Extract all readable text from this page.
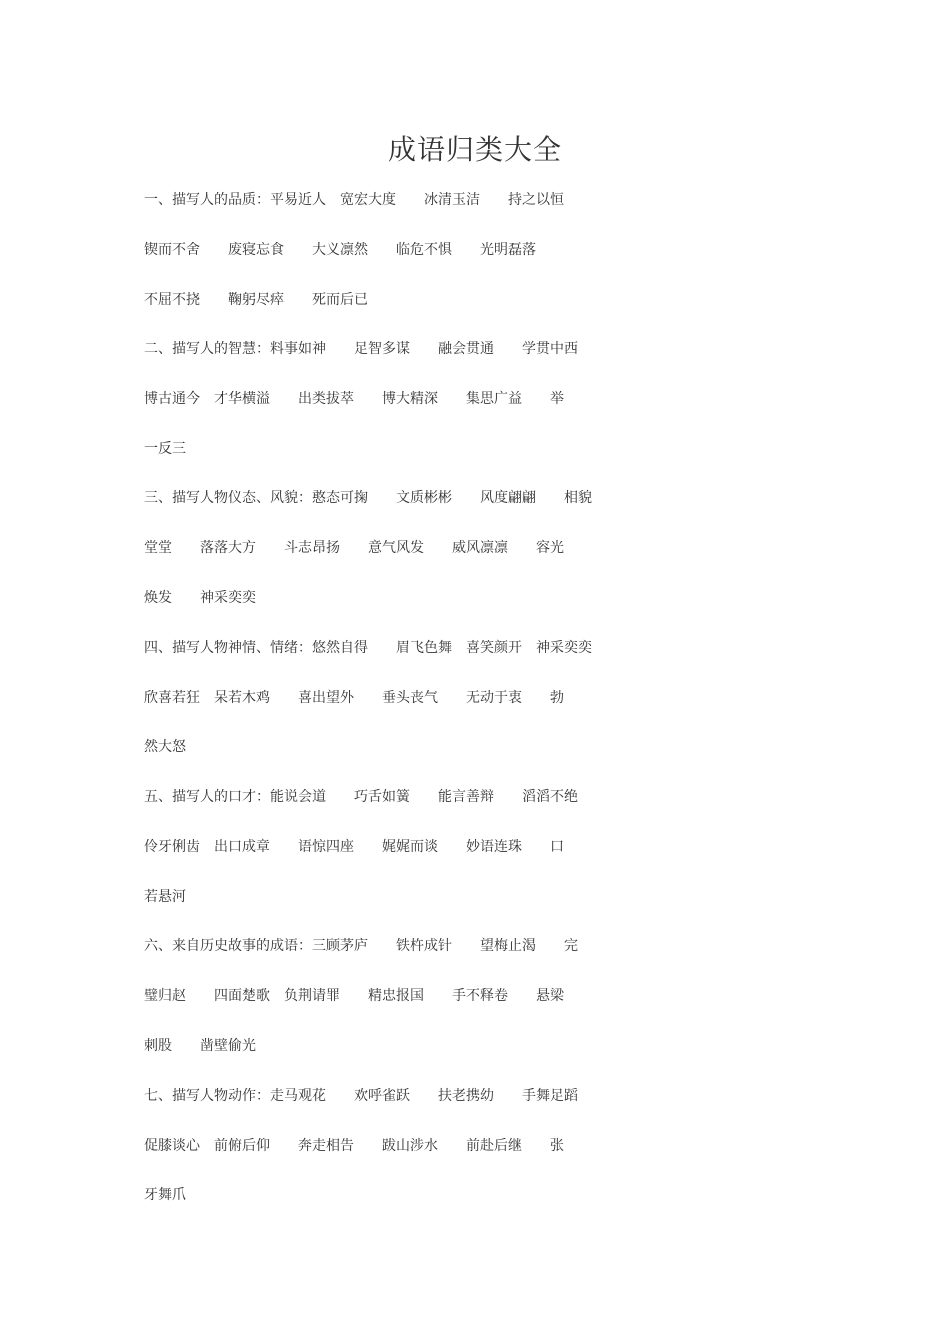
成语归类大全
一、描写人的品质：平易近人　宽宏大度　　冰清玉洁　　持之以恒
锲而不舍　　废寝忘食　　大义凛然　　临危不惧　　光明磊落
不屈不挠　　鞠躬尽瘁　　死而后已
二、描写人的智慧：料事如神　　足智多谋　　融会贯通　　学贯中西
博古通今　才华横溢　　出类拔萃　　博大精深　　集思广益　　举
一反三
三、描写人物仪态、风貌：憨态可掬　　文质彬彬　　风度翩翩　　相貌
堂堂　　落落大方　　斗志昂扬　　意气风发　　威风凛凛　　容光
焕发　　神采奕奕
四、描写人物神情、情绪：悠然自得　　眉飞色舞　喜笑颜开　神采奕奕
欣喜若狂　呆若木鸡　　喜出望外　　垂头丧气　　无动于衷　　勃
然大怒
五、描写人的口才：能说会道　　巧舌如簧　　能言善辩　　滔滔不绝
伶牙俐齿　出口成章　　语惊四座　　娓娓而谈　　妙语连珠　　口
若悬河
六、来自历史故事的成语：三顾茅庐　　铁杵成针　　望梅止渴　　完
璧归赵　　四面楚歌　负荆请罪　　精忠报国　　手不释卷　　悬梁
刺股　　凿壁偷光
七、描写人物动作：走马观花　　欢呼雀跃　　扶老携幼　　手舞足蹈
促膝谈心　前俯后仰　　奔走相告　　跋山涉水　　前赴后继　　张
牙舞爪
